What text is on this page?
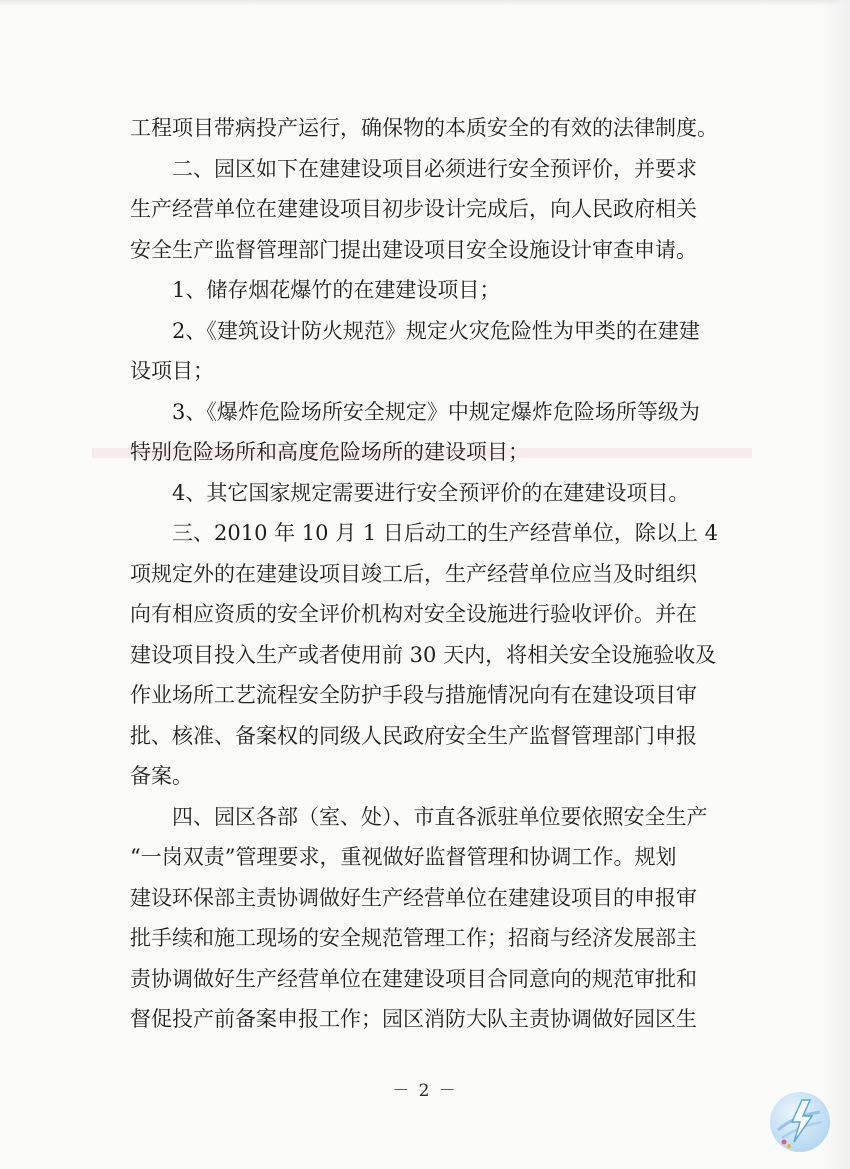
工程项目带病投产运行，确保物的本质安全的有效的法律制度。
二、园区如下在建建设项目必须进行安全预评价，并要求
生产经营单位在建建设项目初步设计完成后，向人民政府相关
安全生产监督管理部门提出建设项目安全设施设计审查申请。
1、储存烟花爆竹的在建建设项目；
2、《建筑设计防火规范》规定火灾危险性为甲类的在建建
设项目；
3、《爆炸危险场所安全规定》中规定爆炸危险场所等级为
特别危险场所和高度危险场所的建设项目；
4、其它国家规定需要进行安全预评价的在建建设项目。
三、2010 年 10 月 1 日后动工的生产经营单位，除以上 4
项规定外的在建建设项目竣工后，生产经营单位应当及时组织
向有相应资质的安全评价机构对安全设施进行验收评价。并在
建设项目投入生产或者使用前 30 天内，将相关安全设施验收及
作业场所工艺流程安全防护手段与措施情况向有在建设项目审
批、核准、备案权的同级人民政府安全生产监督管理部门申报
备案。
四、园区各部（室、处）、市直各派驻单位要依照安全生产
“一岗双责”管理要求，重视做好监督管理和协调工作。规划
建设环保部主责协调做好生产经营单位在建建设项目的申报审
批手续和施工现场的安全规范管理工作；招商与经济发展部主
责协调做好生产经营单位在建建设项目合同意向的规范审批和
督促投产前备案申报工作；园区消防大队主责协调做好园区生
－ 2 －
